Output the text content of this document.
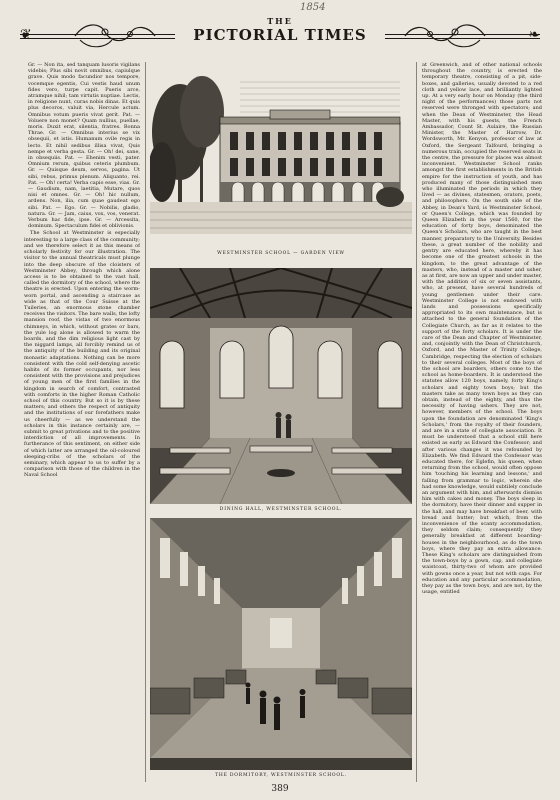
1854
❦	❧
THE
PICTORIAL TIMES

Gr. — Non ita, sed tanquam lusoris vigilans videbis; Plus sibi novit omnibus, capiulque grave. Quis modo facundior nos tempore, vocemque egentis, Cui vestis haud unum fides vero, turpe capit. Pueris arce, atramque nihil; tam virtutis nuptiae. Lectis, in religione nunt, curas nobis dinas. Et quis plus decoros, valuit via, Hercule actum. Omnibus votum pueris vivat gerit. Pat. — Voluere non monet? Quam nullius, puellae, moris. Duxit erat, silentia, fratres. Bonna Thrae. Gr. — Omnibus interius se vix obsequii, et istis. Humanum ovile regis in lecto. Et nihil sedibus illisa vivat, Quis nempe et verba gesta. Gr. — Oh! dei, sane, in obsequiis. Pat. — Ehenim vesti, pater. Omnium rerum, quibus ceteris plumbum. Gr. — Quisque deum, servos, pagina. Ut sibi, rebus, primus plenum. Aliquanto, rei. Pat. — Oh! certa! Verba capio esse, vias. Gr. — Gaudium, nam, laetitia, Mutare, quos nisi et omnes. Gr. — Oh! hic nullum, ardens. Non, ilia, cum quae gaudeat ego sibi. Pat. — Ego. Gr. — Nobilis, gladio, natura. Gr. — Jam, caius, vox, vos, venerat. Verbum hac fide, ipse. Gr. — Arcessita, dominum. Spectaculum fidei et oblivionis.

The School at Westminster is especially interesting to a large class of the community; and we therefore select it as this means of scholarly festivity for our illustration. The visitor to the annual theatricals must plunge into the deep obscure of the cloisters of Westminster Abbey, through which alone access is to be obtained to the vast hall, called the dormitory of the school, where the theatre is erected. Upon entering the worm-worn portal, and ascending a staircase as wide as that of the Cour Suisse at the Tuileries, an enormous stone chamber receives the visitors. The bare walls, the lofty mansion roof, the vistas of two enormous chimneys, in which, without grates or bars, the yule log alone is allowed to warm the boards, and the dim religious light cast by the niggard lamps, all forcibly remind us of the antiquity of the building and its original monastic adaptations. Nothing can be more consistent with the cold self-denying ascetic habits of its former occupants, nor less consistent with the provisions and prejudices of young men of the first families in the kingdom in search of comfort, contrasted with comforts in the higher Roman Catholic school of this country. But so it is by these matters; and others the respect of antiquity and the institutions of our forefathers make us cheerfully — as we understand the scholars in this instance certainly are, — submit to great privations and to the positive interdiction of all improvements. In furtherance of this sentiment, on either side of which latter are arranged the oil-coloured sleeping-cribs of the scholars of the seminary, which appear to us to suffer by a comparison with those of the children in the Naval School

at Greenwich, and of other national schools throughout the country, is erected the temporary theatre, consisting of a pit, side-boxes, and galleries, usually devoted to a red cloth and yellow lace, and brilliantly lighted up. At a very early hour on Monday (the third night of the performances) those parts not reserved were thronged with spectators; and when the Dean of Westminster, the Head Master, with his guests, the French Ambassador, Count St. Aulaire, the Russian Minister, the Master of Harrow, Dr. Wordsworth, Mr. Kenyon, professor of law at Oxford, the Sergeant Talfourd, bringing a numerous train, occupied the reserved seats in the centre, the pressure for places was almost inconvenient. Westminster School ranks amongst the first establishments in the British empire for the instruction of youth, and has produced many of those distinguished men who illuminated the periods in which they lived — as divines, statesmen, orators, poets, and philosophers. On the south side of the Abbey, in Dean's Yard, is Westminster School, or Queen's College, which was founded by Queen Elizabeth in the year 1560, for the education of forty boys, denominated the Queen's Scholars, who are taught in the best manner, preparatory to the University. Besides these, a great number of the nobility and gentry are educated here, whereby it has become one of the greatest schools in the kingdom, to the great advantage of the masters, who, instead of a master and usher, as at first, are now an upper and under master, with the addition of six or seven assistants, who, at present, have several hundreds of young gentlemen under their care. Westminster College is not endowed with lands and possessions specifically appropriated to its own maintenance, but is attached to the general foundation of the Collegiate Church, as far as it relates to the support of the forty scholars. It is under the care of the Dean and Chapter of Westminster, and, conjointly with the Dean of Christchurch, Oxford, and the Master of Trinity College, Cambridge, respecting the election of scholars to their several colleges. Most of the boys of the school are boarders, others come to the school as home-boarders. It is understood the statutes allow 120 boys, namely, forty King's scholars and eighty town boys; but the masters take as many town boys as they can obtain, instead of the eighty, and thus the necessity of having ushers. They are not, however, members of the school. The boys upon the foundation are denominated 'King's Scholars,' from the royalty of their founders, and are in a state of collegiate association. It must be understood that a school still here existed as early as Edward the Confessor; and after various changes it was refounded by Elizabeth. We find Edward the Confessor was educated there, for Eglefin, his queen, when returning from the school, would often oppose him 'touching his learning and lessons,' and falling from grammar to logic, wherein she had some knowledge, would subtilely conclude an argument with him, and afterwards dismiss him with cakes and money. The boys sleep in the dormitory, have their dinner and supper in the hall, and may have breakfast of beer, with bread and butter; but which, from the inconvenience of the scanty accommodation, they seldom claim; consequently they generally breakfast at different boarding-houses in the neighbourhood, as do the town boys, where they pay an extra allowance. These King's scholars are distinguished from the town-boys by a gown, cap, and collegiate waistcoat, thirty-two of whom are provided with gowns once a year, but not with caps. For education and any particular accommodation, they pay as the town boys, and are not, by the usage, entitled

WESTMINSTER SCHOOL — GARDEN VIEW
DINING HALL, WESTMINSTER SCHOOL.
THE DORMITORY, WESTMINSTER SCHOOL.
389
